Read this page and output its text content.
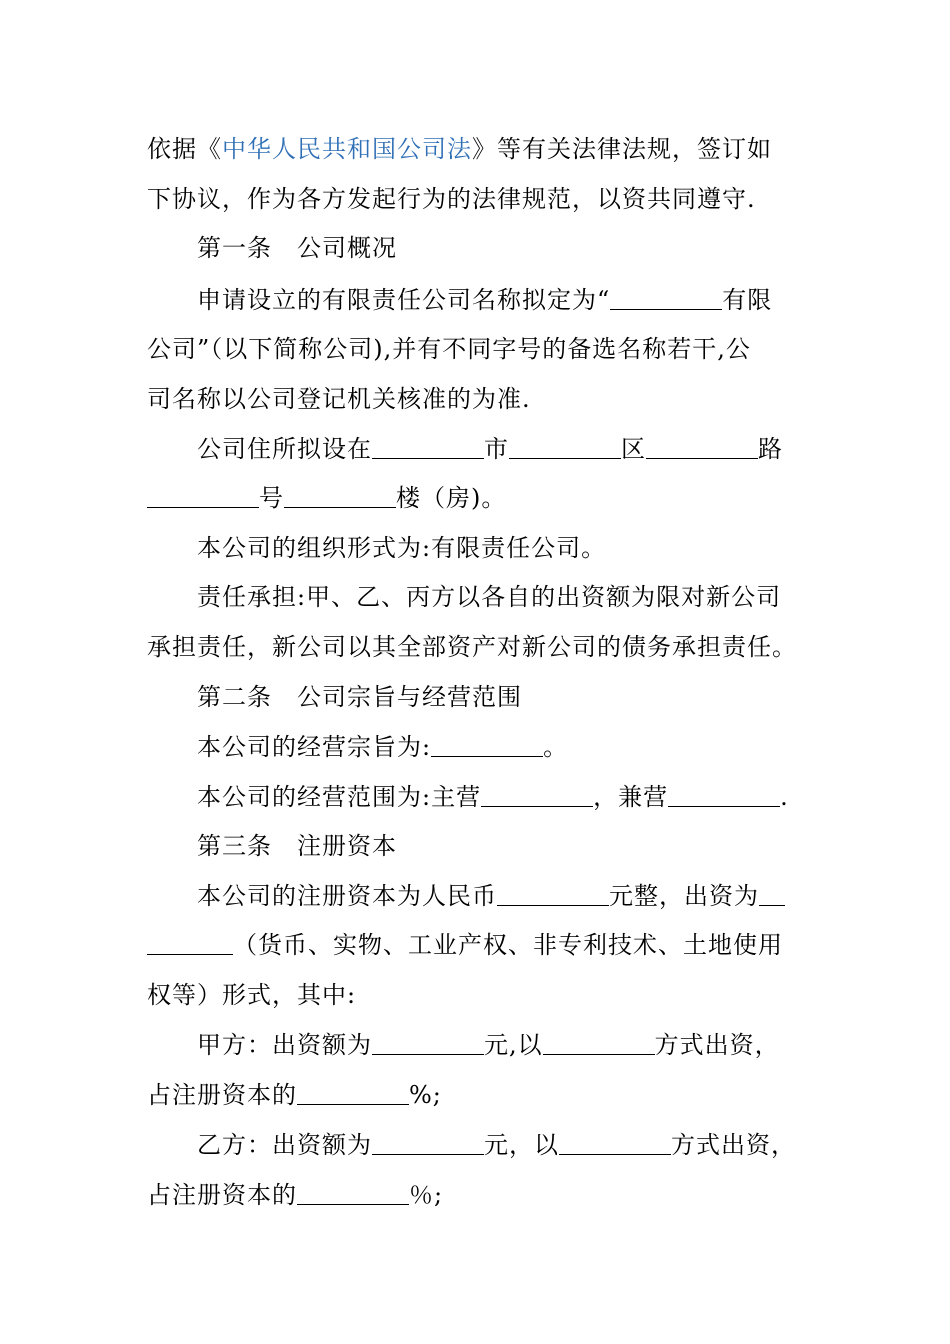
依据《中华人民共和国公司法》等有关法律法规，签订如
下协议，作为各方发起行为的法律规范，以资共同遵守.
第一条　公司概况
申请设立的有限责任公司名称拟定为“	有限
公司”（以下简称公司),并有不同字号的备选名称若干,公
司名称以公司登记机关核准的为准.
公司住所拟设在	市	区	路
号	楼（房)。
本公司的组织形式为:有限责任公司。
责任承担:甲、乙、丙方以各自的出资额为限对新公司
承担责任，新公司以其全部资产对新公司的债务承担责任。
第二条　公司宗旨与经营范围
本公司的经营宗旨为:	。
本公司的经营范围为:主营	，兼营	.
第三条　注册资本
本公司的注册资本为人民币	元整，出资为
（货币、实物、工业产权、非专利技术、土地使用
权等）形式，其中:
甲方：出资额为	元,以	方式出资，
占注册资本的	%;
乙方：出资额为	元，以	方式出资，
占注册资本的	％;
